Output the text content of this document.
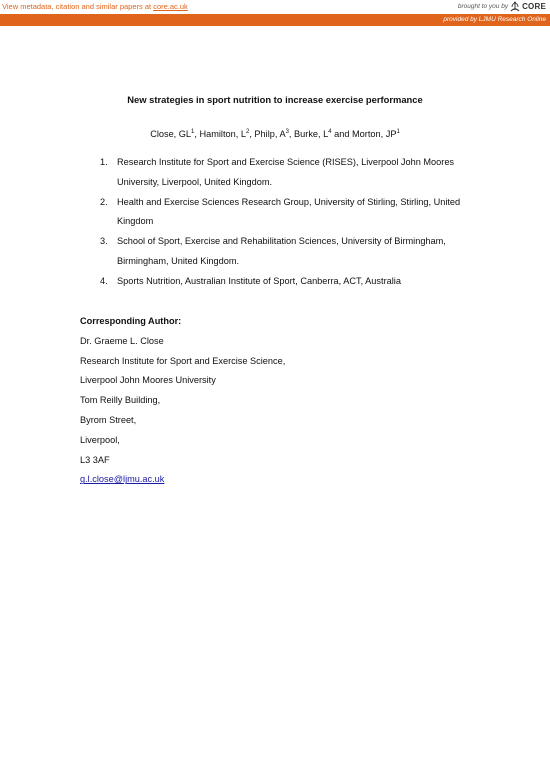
View metadata, citation and similar papers at core.ac.uk	brought to you by CORE
provided by LJMU Research Online
New strategies in sport nutrition to increase exercise performance
Close, $GL^1$, Hamilton, $L^2$, Philp, $A^3$, Burke, $L^4$ and Morton, $JP^1$
1. Research Institute for Sport and Exercise Science (RISES), Liverpool John Moores
University, Liverpool, United Kingdom.
2. Health and Exercise Sciences Research Group, University of Stirling, Stirling, United
Kingdom
3. School of Sport, Exercise and Rehabilitation Sciences, University of Birmingham,
Birmingham, United Kingdom.
4. Sports Nutrition, Australian Institute of Sport, Canberra, ACT, Australia
Corresponding Author:
Dr. Graeme L. Close
Research Institute for Sport and Exercise Science,
Liverpool John Moores University
Tom Reilly Building,
Byrom Street,
Liverpool,
L3 3AF
g.l.close@ljmu.ac.uk
